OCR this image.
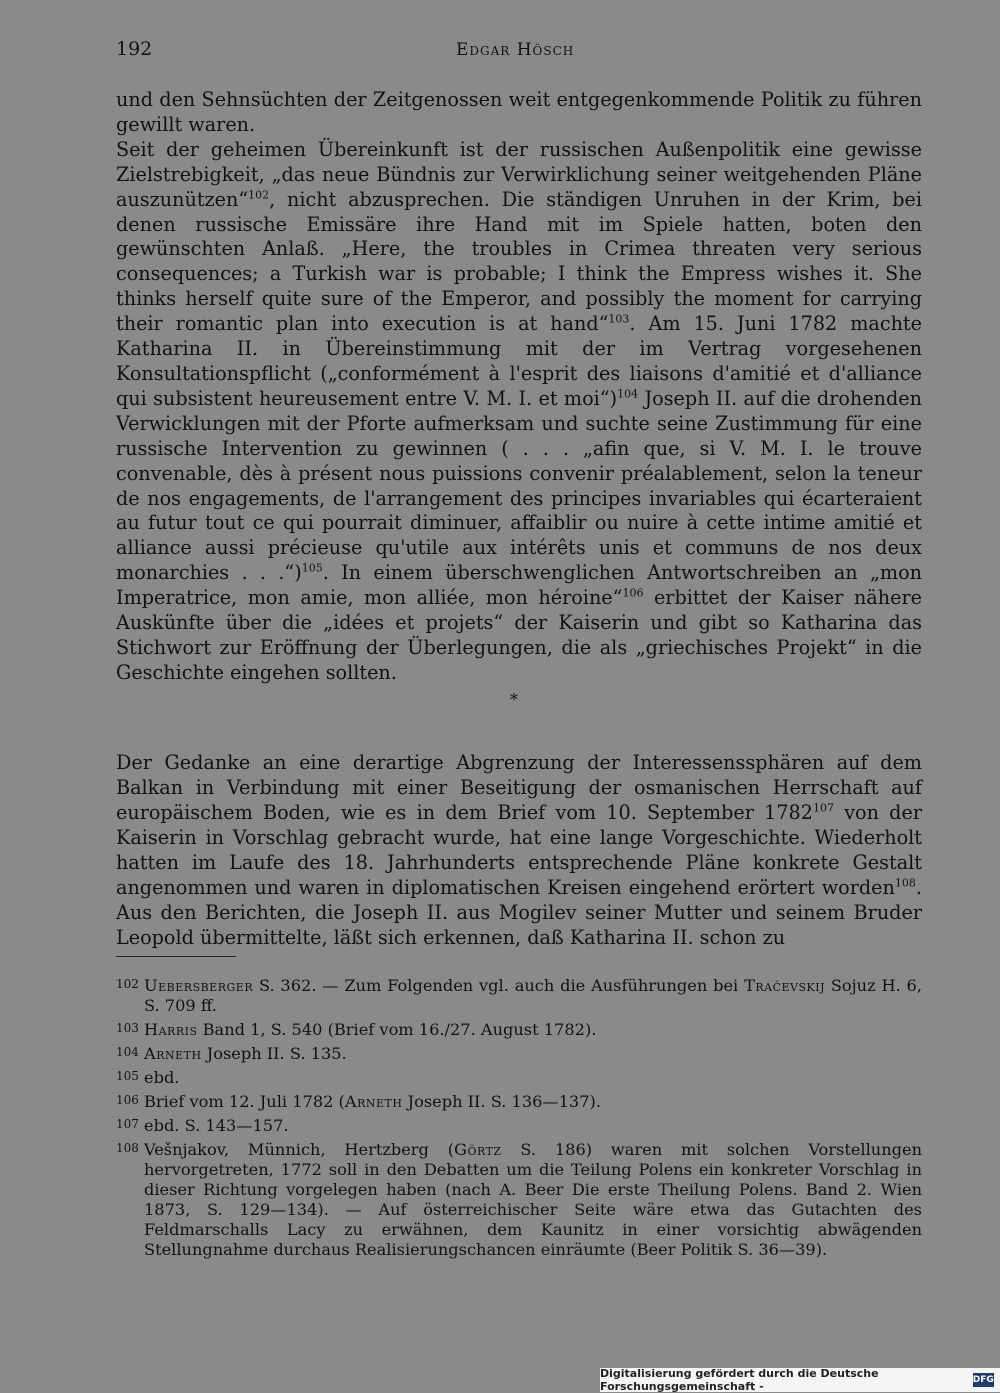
192	Edgar Hösch

und den Sehnsüchten der Zeitgenossen weit entgegenkommende Politik zu führen gewillt waren.

Seit der geheimen Übereinkunft ist der russischen Außenpolitik eine gewisse Zielstrebigkeit, „das neue Bündnis zur Verwirklichung seiner weitgehenden Pläne auszunützen“$^{102}$, nicht abzusprechen. Die ständigen Unruhen in der Krim, bei denen russische Emissäre ihre Hand mit im Spiele hatten, boten den gewünschten Anlaß. „Here, the troubles in Crimea threaten very serious consequences; a Turkish war is probable; I think the Empress wishes it. She thinks herself quite sure of the Emperor, and possibly the moment for carrying their romantic plan into execution is at hand“$^{103}$. Am 15. Juni 1782 machte Katharina II. in Übereinstimmung mit der im Vertrag vorgesehenen Konsultationspflicht („conformément à l'esprit des liaisons d'amitié et d'alliance qui subsistent heureusement entre V. M. I. et moi“)$^{104}$ Joseph II. auf die drohenden Verwicklungen mit der Pforte aufmerksam und suchte seine Zustimmung für eine russische Intervention zu gewinnen ( . . . „afin que, si V. M. I. le trouve convenable, dès à présent nous puissions convenir préalablement, selon la teneur de nos engagements, de l'arrangement des principes invariables qui écarteraient au futur tout ce qui pourrait diminuer, affaiblir ou nuire à cette intime amitié et alliance aussi précieuse qu'utile aux intérêts unis et communs de nos deux monarchies . . .“)$^{105}$. In einem überschwenglichen Antwortschreiben an „mon Imperatrice, mon amie, mon alliée, mon héroine“$^{106}$ erbittet der Kaiser nähere Auskünfte über die „idées et projets“ der Kaiserin und gibt so Katharina das Stichwort zur Eröffnung der Überlegungen, die als „griechisches Projekt“ in die Geschichte eingehen sollten.

*

Der Gedanke an eine derartige Abgrenzung der Interessenssphären auf dem Balkan in Verbindung mit einer Beseitigung der osmanischen Herrschaft auf europäischem Boden, wie es in dem Brief vom 10. September 1782$^{107}$ von der Kaiserin in Vorschlag gebracht wurde, hat eine lange Vorgeschichte. Wiederholt hatten im Laufe des 18. Jahrhunderts entsprechende Pläne konkrete Gestalt angenommen und waren in diplomatischen Kreisen eingehend erörtert worden$^{108}$. Aus den Berichten, die Joseph II. aus Mogilev seiner Mutter und seinem Bruder Leopold übermittelte, läßt sich erkennen, daß Katharina II. schon zu

102 Uebersberger S. 362. — Zum Folgenden vgl. auch die Ausführungen bei Tračevskij Sojuz H. 6, S. 709 ff.
103 Harris Band 1, S. 540 (Brief vom 16./27. August 1782).
104 Arneth Joseph II. S. 135.
105 ebd.
106 Brief vom 12. Juli 1782 (Arneth Joseph II. S. 136—137).
107 ebd. S. 143—157.
108 Vešnjakov, Münnich, Hertzberg (Görtz S. 186) waren mit solchen Vorstellungen hervorgetreten, 1772 soll in den Debatten um die Teilung Polens ein konkreter Vorschlag in dieser Richtung vorgelegen haben (nach A. Beer Die erste Theilung Polens. Band 2. Wien 1873, S. 129—134). — Auf österreichischer Seite wäre etwa das Gutachten des Feldmarschalls Lacy zu erwähnen, dem Kaunitz in einer vorsichtig abwägenden Stellungnahme durchaus Realisierungschancen einräumte (Beer Politik S. 36—39).
Digitalisierung gefördert durch die Deutsche Forschungsgemeinschaft -	DFG
